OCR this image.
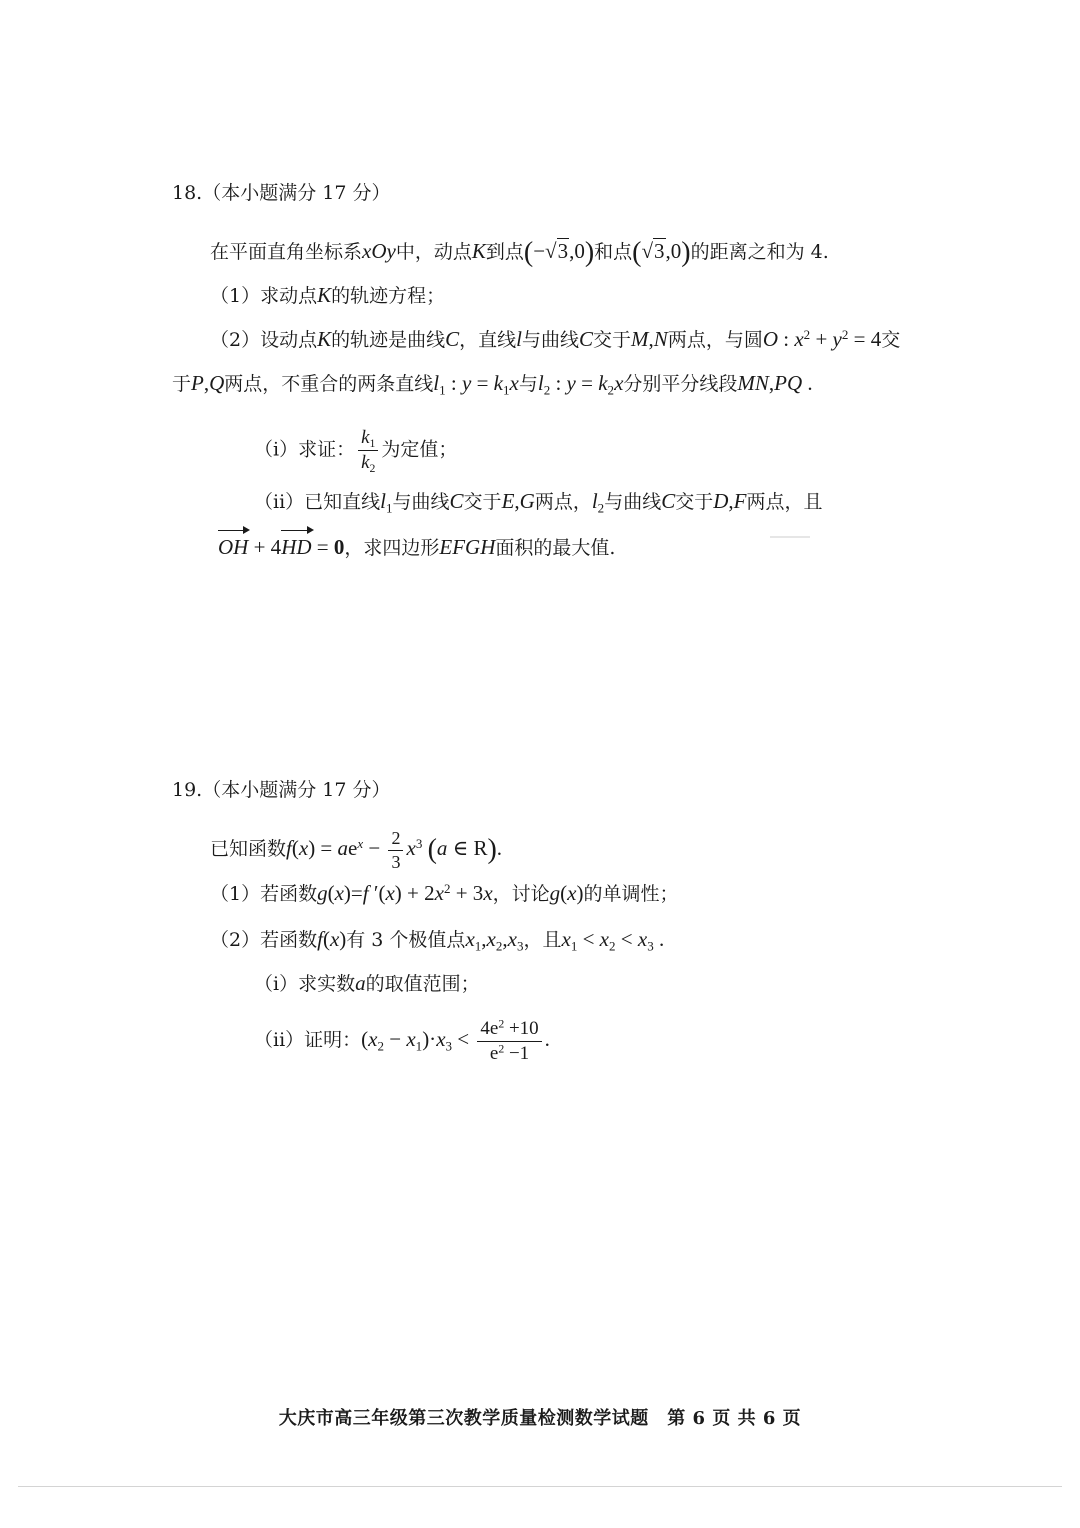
18.（本小题满分 17 分）
在平面直角坐标系xOy中，动点K到点(−√3,0)和点(√3,0)的距离之和为 4.
（1）求动点K的轨迹方程；
（2）设动点K的轨迹是曲线C，直线l与曲线C交于M,N两点，与圆O : $x^2 + y^2 = 4$交
于P,Q两点，不重合的两条直线$l_1$ : $y = k_1x$与$l_2$ : $y = k_2x$分别平分线段MN,PQ .
（i）求证： $\frac{k_1}{k_2}$ 为定值；
（ii）已知直线$l_1$与曲线C交于E,G两点，$l_2$与曲线C交于D,F两点，且
OH + 4HD = 0，求四边形EFGH面积的最大值.
19.（本小题满分 17 分）
已知函数$f(x) = ae^x - \frac{2}{3} x^3$ (a ∈ R).
（1）若函数g(x)=f $'(x) + 2x^2 + 3x$，讨论g(x)的单调性；
（2）若函数f(x)有 3 个极值点$x_1,x_2,x_3$，且$x_1 < x_2 < x_3$ .
（i）求实数a的取值范围；
（ii）证明：$(x_2 - x_1)\cdot x_3 < \frac{4e^2 +10}{e^2 -1}$ .
大庆市高三年级第三次教学质量检测数学试题　第 6 页 共 6 页
